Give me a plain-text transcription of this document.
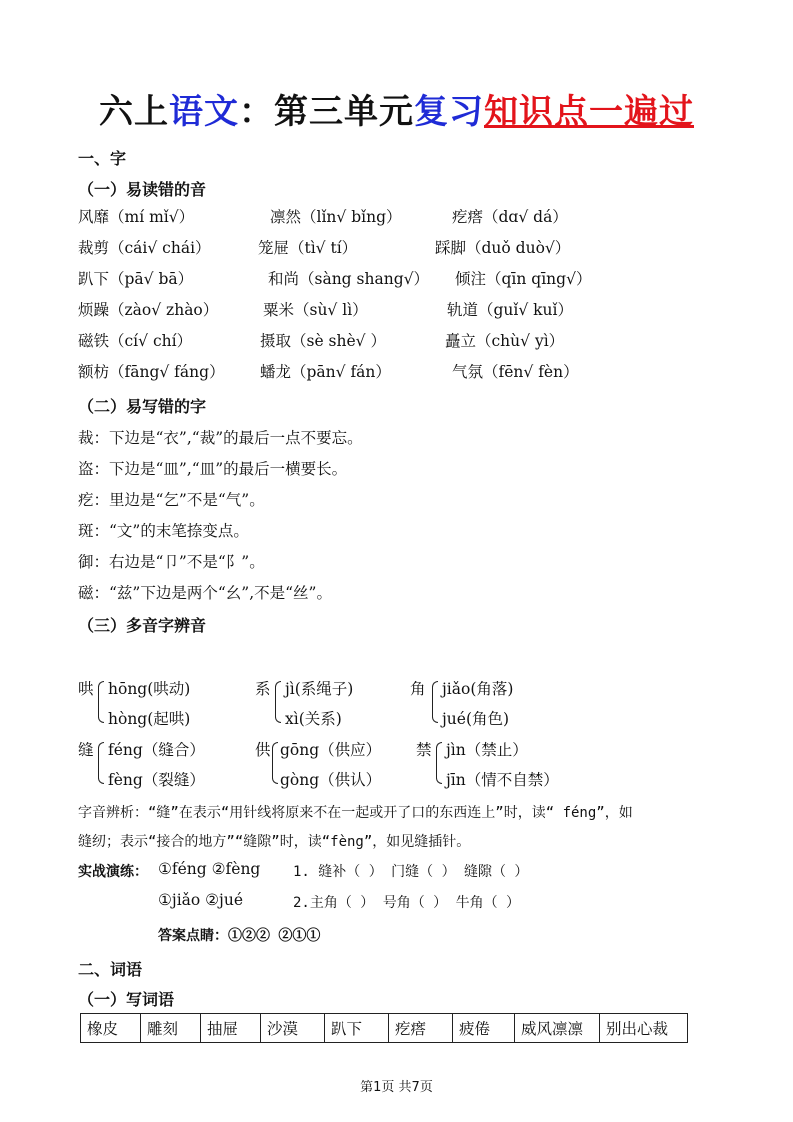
六上语文：第三单元复习知识点一遍过
一、字
（一）易读错的音
风靡（mí mǐ√）	凛然（lǐn√ bǐng）	疙瘩（dɑ√ dá）
裁剪（cái√ chái）	笼屉（tì√ tí）	踩脚（duǒ duò√）
趴下（pā√ bā）	和尚（sàng shang√） 倾注（qīn qīng√）
烦躁（zào√ zhào）	粟米（sù√ lì）	轨道（guǐ√ kuǐ）
磁铁（cí√ chí）	摄取（sè shè√ ）	矗立（chù√ yì）
额枋（fāng√ fáng） 蟠龙（pān√ fán）	气氛（fēn√ fèn）
（二）易写错的字
裁：下边是“衣”,“裁”的最后一点不要忘。
盗：下边是“皿”,“皿”的最后一横要长。
疙：里边是“乞”不是“气”。
斑：“文”的末笔捺变点。
御：右边是“卩”不是“阝”。
磁：“兹”下边是两个“幺”,不是“丝”。
（三）多音字辨音
哄 hōng(哄动)
hòng(起哄)
系 jì(系绳子)
xì(关系)
角 jiǎo(角落)
jué(角色)
缝 féng（缝合）
fèng（裂缝）
供 gōng（供应）
gòng（供认）
禁 jìn（禁止）
jīn（情不自禁）
字音辨析：“缝”在表示“用针线将原来不在一起或开了口的东西连上”时，读“ féng”，如
缝纫；表示“接合的地方”“缝隙”时，读“fèng”，如见缝插针。
实战演练： ①féng ②fèng 1. 缝补（ ） 门缝（ ） 缝隙（ ）
①jiǎo ②jué	2.主角（ ） 号角（ ） 牛角（ ）
答案点睛：①②② ②①①
二、词语
（一）写词语
橡皮	雕刻	抽屉	沙漠	趴下	疙瘩	疲倦	威风凛凛	别出心裁
第1页 共7页
